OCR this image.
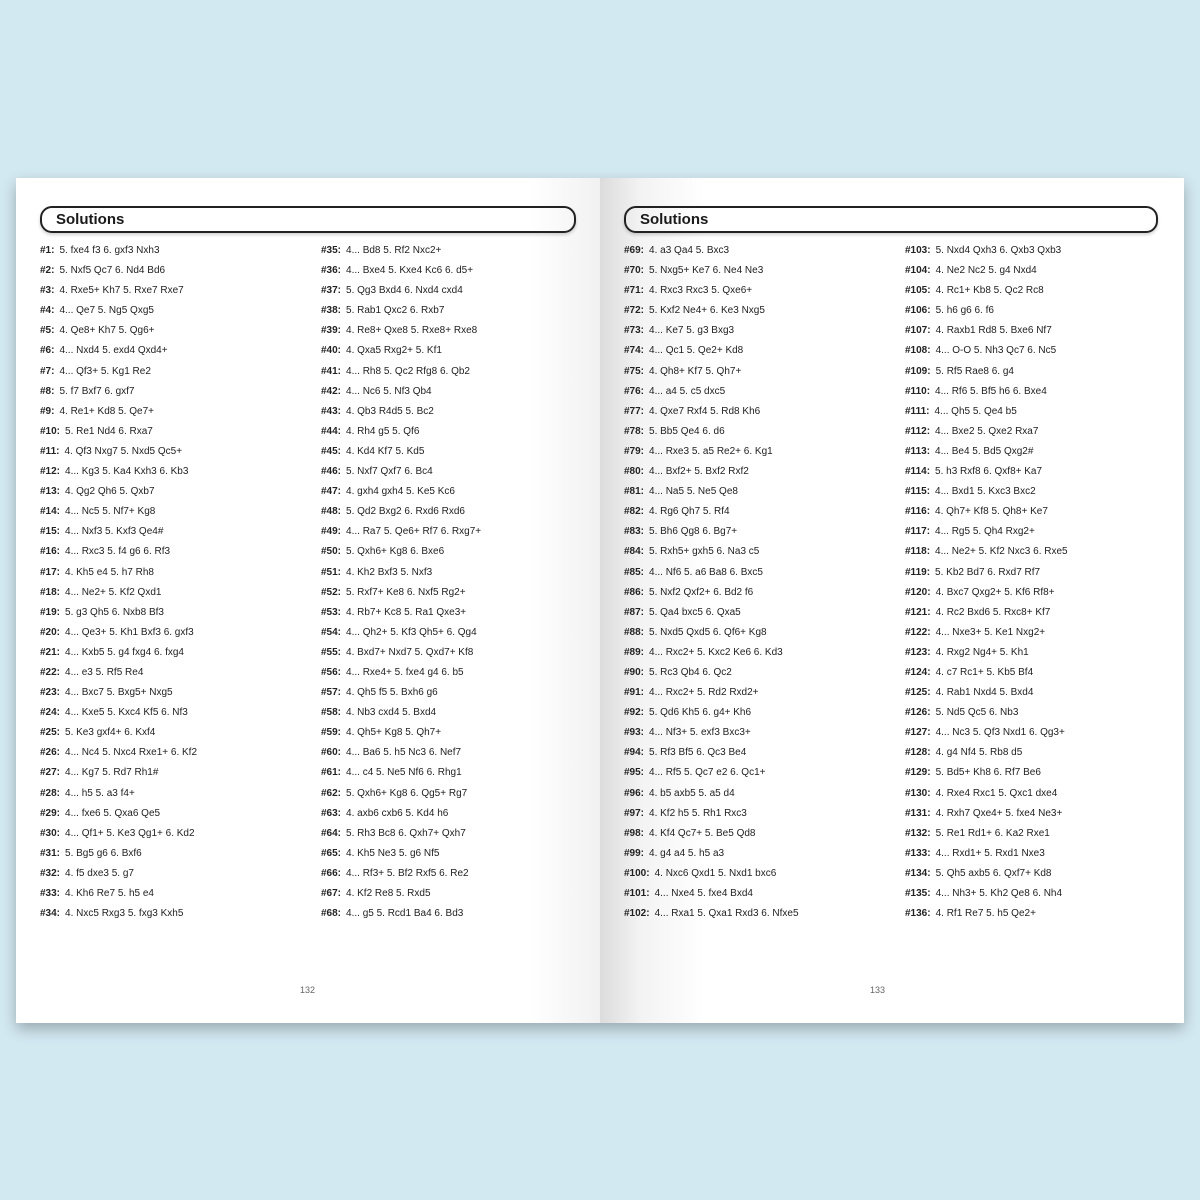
Solutions
#1: 5. fxe4 f3 6. gxf3 Nxh3
#2: 5. Nxf5 Qc7 6. Nd4 Bd6
#3: 4. Rxe5+ Kh7 5. Rxe7 Rxe7
#4: 4... Qe7 5. Ng5 Qxg5
#5: 4. Qe8+ Kh7 5. Qg6+
#6: 4... Nxd4 5. exd4 Qxd4+
#7: 4... Qf3+ 5. Kg1 Re2
#8: 5. f7 Bxf7 6. gxf7
#9: 4. Re1+ Kd8 5. Qe7+
#10: 5. Re1 Nd4 6. Rxa7
#11: 4. Qf3 Nxg7 5. Nxd5 Qc5+
#12: 4... Kg3 5. Ka4 Kxh3 6. Kb3
#13: 4. Qg2 Qh6 5. Qxb7
#14: 4... Nc5 5. Nf7+ Kg8
#15: 4... Nxf3 5. Kxf3 Qe4#
#16: 4... Rxc3 5. f4 g6 6. Rf3
#17: 4. Kh5 e4 5. h7 Rh8
#18: 4... Ne2+ 5. Kf2 Qxd1
#19: 5. g3 Qh5 6. Nxb8 Bf3
#20: 4... Qe3+ 5. Kh1 Bxf3 6. gxf3
#21: 4... Kxb5 5. g4 fxg4 6. fxg4
#22: 4... e3 5. Rf5 Re4
#23: 4... Bxc7 5. Bxg5+ Nxg5
#24: 4... Kxe5 5. Kxc4 Kf5 6. Nf3
#25: 5. Ke3 gxf4+ 6. Kxf4
#26: 4... Nc4 5. Nxc4 Rxe1+ 6. Kf2
#27: 4... Kg7 5. Rd7 Rh1#
#28: 4... h5 5. a3 f4+
#29: 4... fxe6 5. Qxa6 Qe5
#30: 4... Qf1+ 5. Ke3 Qg1+ 6. Kd2
#31: 5. Bg5 g6 6. Bxf6
#32: 4. f5 dxe3 5. g7
#33: 4. Kh6 Re7 5. h5 e4
#34: 4. Nxc5 Rxg3 5. fxg3 Kxh5
#35: 4... Bd8 5. Rf2 Nxc2+
#36: 4... Bxe4 5. Kxe4 Kc6 6. d5+
#37: 5. Qg3 Bxd4 6. Nxd4 cxd4
#38: 5. Rab1 Qxc2 6. Rxb7
#39: 4. Re8+ Qxe8 5. Rxe8+ Rxe8
#40: 4. Qxa5 Rxg2+ 5. Kf1
#41: 4... Rh8 5. Qc2 Rfg8 6. Qb2
#42: 4... Nc6 5. Nf3 Qb4
#43: 4. Qb3 R4d5 5. Bc2
#44: 4. Rh4 g5 5. Qf6
#45: 4. Kd4 Kf7 5. Kd5
#46: 5. Nxf7 Qxf7 6. Bc4
#47: 4. gxh4 gxh4 5. Ke5 Kc6
#48: 5. Qd2 Bxg2 6. Rxd6 Rxd6
#49: 4... Ra7 5. Qe6+ Rf7 6. Rxg7+
#50: 5. Qxh6+ Kg8 6. Bxe6
#51: 4. Kh2 Bxf3 5. Nxf3
#52: 5. Rxf7+ Ke8 6. Nxf5 Rg2+
#53: 4. Rb7+ Kc8 5. Ra1 Qxe3+
#54: 4... Qh2+ 5. Kf3 Qh5+ 6. Qg4
#55: 4. Bxd7+ Nxd7 5. Qxd7+ Kf8
#56: 4... Rxe4+ 5. fxe4 g4 6. b5
#57: 4. Qh5 f5 5. Bxh6 g6
#58: 4. Nb3 cxd4 5. Bxd4
#59: 4. Qh5+ Kg8 5. Qh7+
#60: 4... Ba6 5. h5 Nc3 6. Nef7
#61: 4... c4 5. Ne5 Nf6 6. Rhg1
#62: 5. Qxh6+ Kg8 6. Qg5+ Rg7
#63: 4. axb6 cxb6 5. Kd4 h6
#64: 5. Rh3 Bc8 6. Qxh7+ Qxh7
#65: 4. Kh5 Ne3 5. g6 Nf5
#66: 4... Rf3+ 5. Bf2 Rxf5 6. Re2
#67: 4. Kf2 Re8 5. Rxd5
#68: 4... g5 5. Rcd1 Ba4 6. Bd3
132
Solutions
#69: 4. a3 Qa4 5. Bxc3
#70: 5. Nxg5+ Ke7 6. Ne4 Ne3
#71: 4. Rxc3 Rxc3 5. Qxe6+
#72: 5. Kxf2 Ne4+ 6. Ke3 Nxg5
#73: 4... Ke7 5. g3 Bxg3
#74: 4... Qc1 5. Qe2+ Kd8
#75: 4. Qh8+ Kf7 5. Qh7+
#76: 4... a4 5. c5 dxc5
#77: 4. Qxe7 Rxf4 5. Rd8 Kh6
#78: 5. Bb5 Qe4 6. d6
#79: 4... Rxe3 5. a5 Re2+ 6. Kg1
#80: 4... Bxf2+ 5. Bxf2 Rxf2
#81: 4... Na5 5. Ne5 Qe8
#82: 4. Rg6 Qh7 5. Rf4
#83: 5. Bh6 Qg8 6. Bg7+
#84: 5. Rxh5+ gxh5 6. Na3 c5
#85: 4... Nf6 5. a6 Ba8 6. Bxc5
#86: 5. Nxf2 Qxf2+ 6. Bd2 f6
#87: 5. Qa4 bxc5 6. Qxa5
#88: 5. Nxd5 Qxd5 6. Qf6+ Kg8
#89: 4... Rxc2+ 5. Kxc2 Ke6 6. Kd3
#90: 5. Rc3 Qb4 6. Qc2
#91: 4... Rxc2+ 5. Rd2 Rxd2+
#92: 5. Qd6 Kh5 6. g4+ Kh6
#93: 4... Nf3+ 5. exf3 Bxc3+
#94: 5. Rf3 Bf5 6. Qc3 Be4
#95: 4... Rf5 5. Qc7 e2 6. Qc1+
#96: 4. b5 axb5 5. a5 d4
#97: 4. Kf2 h5 5. Rh1 Rxc3
#98: 4. Kf4 Qc7+ 5. Be5 Qd8
#99: 4. g4 a4 5. h5 a3
#100: 4. Nxc6 Qxd1 5. Nxd1 bxc6
#101: 4... Nxe4 5. fxe4 Bxd4
#102: 4... Rxa1 5. Qxa1 Rxd3 6. Nfxe5
#103: 5. Nxd4 Qxh3 6. Qxb3 Qxb3
#104: 4. Ne2 Nc2 5. g4 Nxd4
#105: 4. Rc1+ Kb8 5. Qc2 Rc8
#106: 5. h6 g6 6. f6
#107: 4. Raxb1 Rd8 5. Bxe6 Nf7
#108: 4... O-O 5. Nh3 Qc7 6. Nc5
#109: 5. Rf5 Rae8 6. g4
#110: 4... Rf6 5. Bf5 h6 6. Bxe4
#111: 4... Qh5 5. Qe4 b5
#112: 4... Bxe2 5. Qxe2 Rxa7
#113: 4... Be4 5. Bd5 Qxg2#
#114: 5. h3 Rxf8 6. Qxf8+ Ka7
#115: 4... Bxd1 5. Kxc3 Bxc2
#116: 4. Qh7+ Kf8 5. Qh8+ Ke7
#117: 4... Rg5 5. Qh4 Rxg2+
#118: 4... Ne2+ 5. Kf2 Nxc3 6. Rxe5
#119: 5. Kb2 Bd7 6. Rxd7 Rf7
#120: 4. Bxc7 Qxg2+ 5. Kf6 Rf8+
#121: 4. Rc2 Bxd6 5. Rxc8+ Kf7
#122: 4... Nxe3+ 5. Ke1 Nxg2+
#123: 4. Rxg2 Ng4+ 5. Kh1
#124: 4. c7 Rc1+ 5. Kb5 Bf4
#125: 4. Rab1 Nxd4 5. Bxd4
#126: 5. Nd5 Qc5 6. Nb3
#127: 4... Nc3 5. Qf3 Nxd1 6. Qg3+
#128: 4. g4 Nf4 5. Rb8 d5
#129: 5. Bd5+ Kh8 6. Rf7 Be6
#130: 4. Rxe4 Rxc1 5. Qxc1 dxe4
#131: 4. Rxh7 Qxe4+ 5. fxe4 Ne3+
#132: 5. Re1 Rd1+ 6. Ka2 Rxe1
#133: 4... Rxd1+ 5. Rxd1 Nxe3
#134: 5. Qh5 axb5 6. Qxf7+ Kd8
#135: 4... Nh3+ 5. Kh2 Qe8 6. Nh4
#136: 4. Rf1 Re7 5. h5 Qe2+
133
